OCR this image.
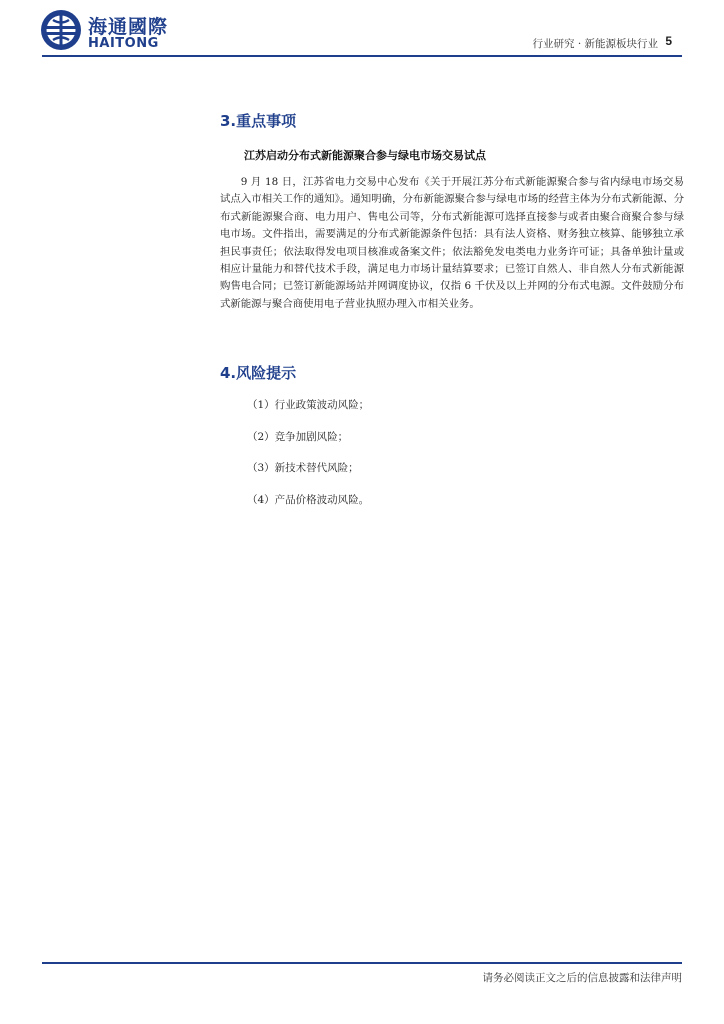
海通國際
HAITONG	行业研究 · 新能源板块行业 5
3.重点事项
江苏启动分布式新能源聚合参与绿电市场交易试点

9 月 18 日，江苏省电力交易中心发布《关于开展江苏分布式新能源聚合参与省内绿电市场交易试点入市相关工作的通知》。通知明确，分布新能源聚合参与绿电市场的经营主体为分布式新能源、分布式新能源聚合商、电力用户、售电公司等，分布式新能源可选择直接参与或者由聚合商聚合参与绿电市场。文件指出，需要满足的分布式新能源条件包括：具有法人资格、财务独立核算、能够独立承担民事责任；依法取得发电项目核准或备案文件；依法豁免发电类电力业务许可证；具备单独计量或相应计量能力和替代技术手段，满足电力市场计量结算要求；已签订自然人、非自然人分布式新能源购售电合同；已签订新能源场站并网调度协议，仅指 6 千伏及以上并网的分布式电源。文件鼓励分布式新能源与聚合商使用电子营业执照办理入市相关业务。

4.风险提示
（1）行业政策波动风险；
（2）竞争加剧风险；
（3）新技术替代风险；
（4）产品价格波动风险。
请务必阅读正文之后的信息披露和法律声明
